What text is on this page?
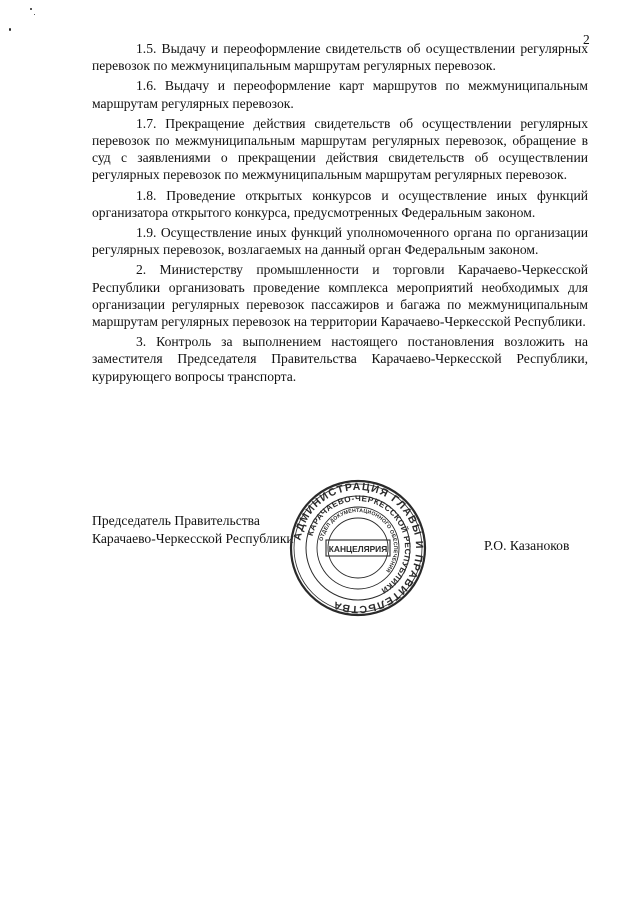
2

1.5. Выдачу и переоформление свидетельств об осуществлении регулярных перевозок по межмуниципальным маршрутам регулярных перевозок.

1.6. Выдачу и переоформление карт маршрутов по межмуниципальным маршрутам регулярных перевозок.

1.7. Прекращение действия свидетельств об осуществлении регулярных перевозок по межмуниципальным маршрутам регулярных перевозок, обращение в суд с заявлениями о прекращении действия свидетельств об осуществлении регулярных перевозок по межмуниципальным маршрутам регулярных перевозок.

1.8. Проведение открытых конкурсов и осуществление иных функций организатора открытого конкурса, предусмотренных Федеральным законом.

1.9. Осуществление иных функций уполномоченного органа по организации регулярных перевозок, возлагаемых на данный орган Федеральным законом.

2. Министерству промышленности и торговли Карачаево-Черкесской Республики организовать проведение комплекса мероприятий необходимых для организации регулярных перевозок пассажиров и багажа по межмуниципальным маршрутам регулярных перевозок на территории Карачаево-Черкесской Республики.

3. Контроль за выполнением настоящего постановления возложить на заместителя Председателя Правительства Карачаево-Черкесской Республики, курирующего вопросы транспорта.

Председатель Правительства
Карачаево-Черкесской Республики	Р.О. Казаноков
АДМИНИСТРАЦИЯ ГЛАВЫ И ПРАВИТЕЛЬСТВА
КАРАЧАЕВО-ЧЕРКЕССКОЙ РЕСПУБЛИКИ
ОТДЕЛ ДОКУМЕНТАЦИОННОГО ОБЕСПЕЧЕНИЯ
КАНЦЕЛЯРИЯ
